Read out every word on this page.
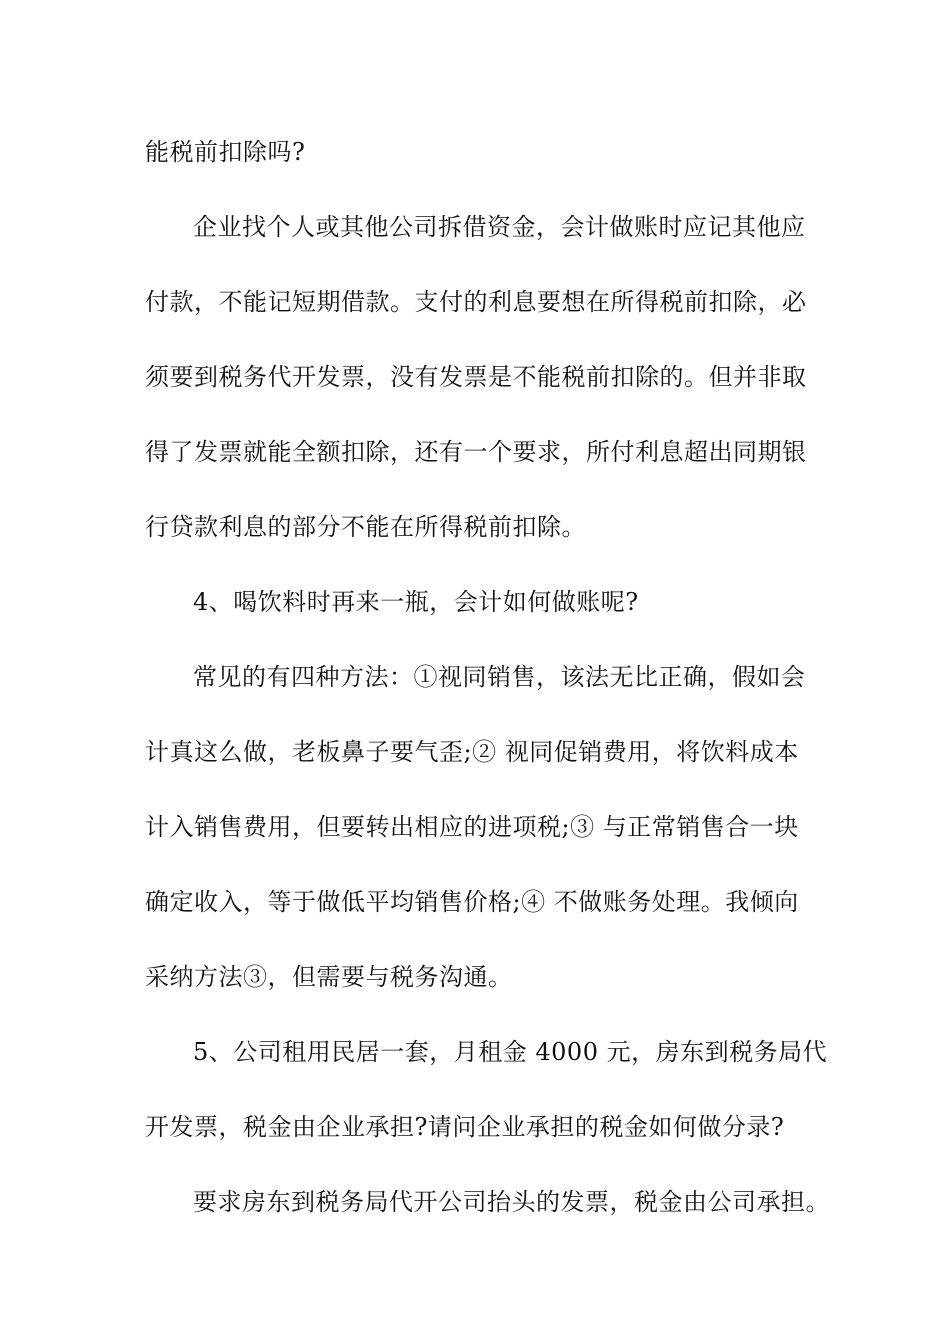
能税前扣除吗?
企业找个人或其他公司拆借资金，会计做账时应记其他应
付款，不能记短期借款。支付的利息要想在所得税前扣除，必
须要到税务代开发票，没有发票是不能税前扣除的。但并非取
得了发票就能全额扣除，还有一个要求，所付利息超出同期银
行贷款利息的部分不能在所得税前扣除。
4、喝饮料时再来一瓶，会计如何做账呢?
常见的有四种方法：①视同销售，该法无比正确，假如会
计真这么做，老板鼻子要气歪;② 视同促销费用，将饮料成本
计入销售费用，但要转出相应的进项税;③ 与正常销售合一块
确定收入，等于做低平均销售价格;④ 不做账务处理。我倾向
采纳方法③，但需要与税务沟通。
5、公司租用民居一套，月租金 4000 元，房东到税务局代
开发票，税金由企业承担?请问企业承担的税金如何做分录?
要求房东到税务局代开公司抬头的发票，税金由公司承担。
